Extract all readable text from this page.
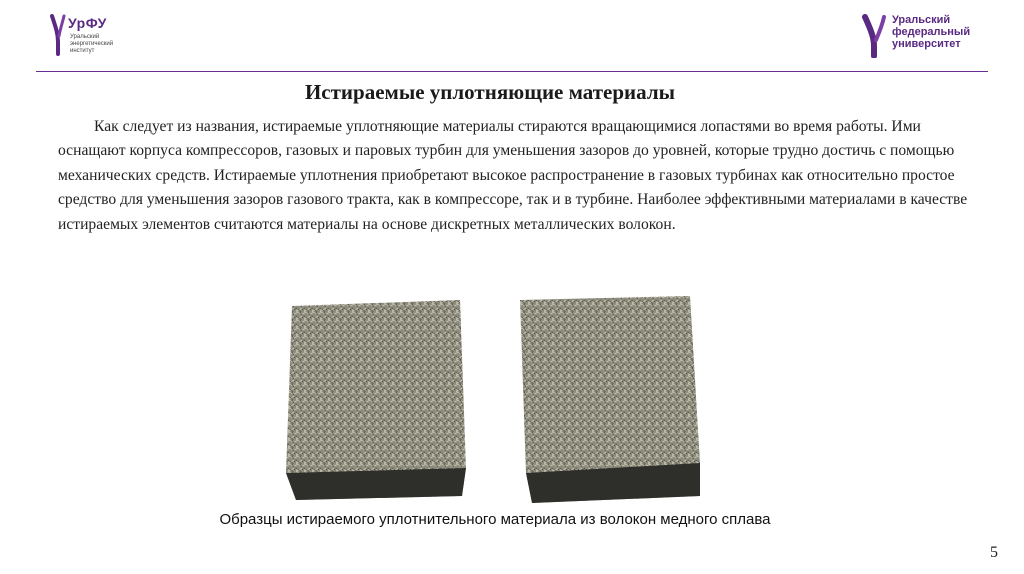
УрФУ
Уральский
энергетический
институт
Уральский
федеральный
университет
Истираемые уплотняющие материалы

Как следует из названия, истираемые уплотняющие материалы стираются вращающимися лопастями во время работы. Ими оснащают корпуса компрессоров, газовых и паровых турбин для уменьшения зазоров до уровней, которые трудно достичь с помощью механических средств. Истираемые уплотнения приобретают высокое распространение в газовых турбинах как относительно простое средство для уменьшения зазоров газового тракта, как в компрессоре, так и в турбине. Наиболее эффективными материалами в качестве истираемых элементов считаются материалы на основе дискретных металлических волокон.

Образцы истираемого уплотнительного материала из волокон медного сплава
5
